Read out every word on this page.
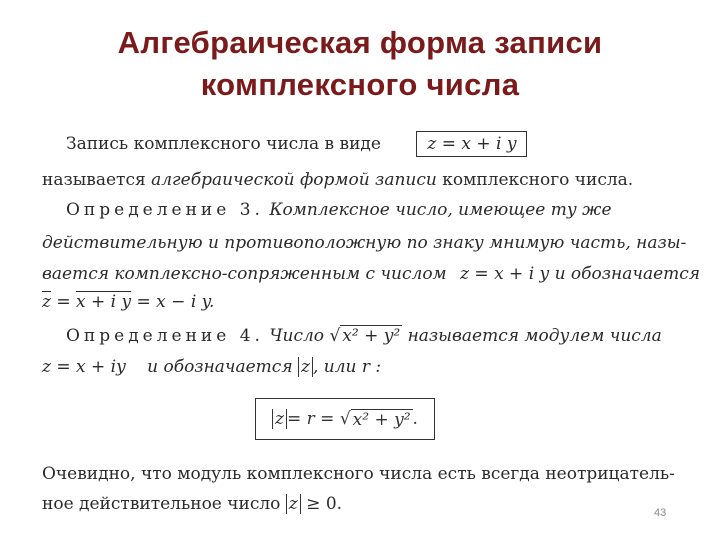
Алгебраическая форма записи
комплексного числа
Запись комплексного числа в виде	z = x + i y
называется алгебраической формой записи комплексного числа.
Определение 3. Комплексное число, имеющее ту же
действительную и противоположную по знаку мнимую часть, назы-
вается комплексно-сопряженным с числом z = x + i y и обозначается
$\overline{z} = x + i$ y = x − i y.
Определение 4. Число √ x² + y² называется модулем числа
z = x + iy и обозначается z , или r :
z = r = √ x² + y² .
Очевидно, что модуль комплексного числа есть всегда неотрицатель-
ное действительное число z ≥ 0.	43
